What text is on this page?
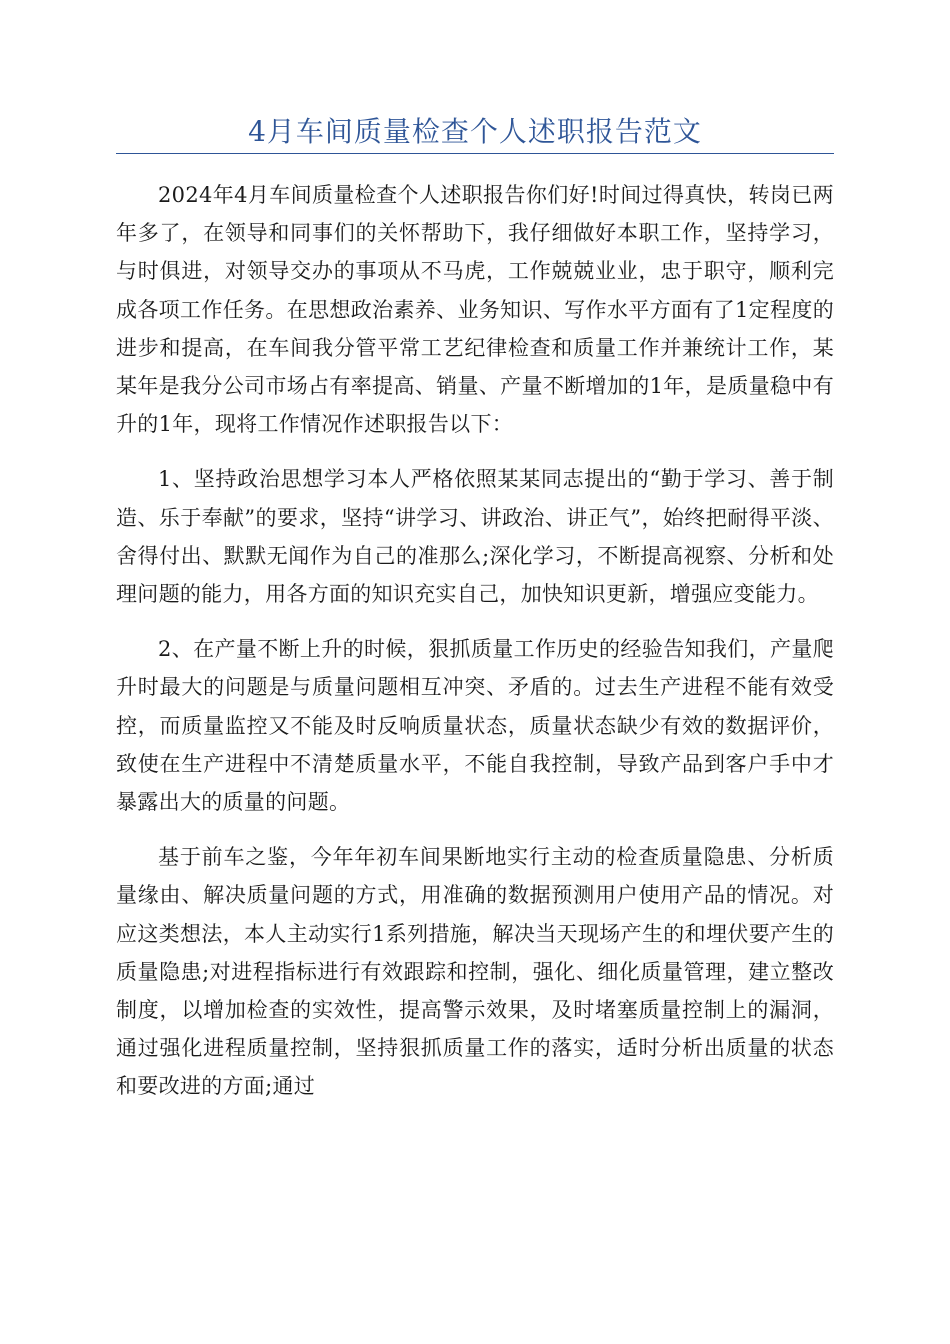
4月车间质量检查个人述职报告范文

2024年4月车间质量检查个人述职报告你们好!时间过得真快，转岗已两年多了，在领导和同事们的关怀帮助下，我仔细做好本职工作，坚持学习，与时俱进，对领导交办的事项从不马虎，工作兢兢业业，忠于职守，顺利完成各项工作任务。在思想政治素养、业务知识、写作水平方面有了1定程度的进步和提高，在车间我分管平常工艺纪律检查和质量工作并兼统计工作，某某年是我分公司市场占有率提高、销量、产量不断增加的1年，是质量稳中有升的1年，现将工作情况作述职报告以下：

1、坚持政治思想学习本人严格依照某某同志提出的“勤于学习、善于制造、乐于奉献”的要求，坚持“讲学习、讲政治、讲正气”，始终把耐得平淡、舍得付出、默默无闻作为自己的准那么;深化学习，不断提高视察、分析和处理问题的能力，用各方面的知识充实自己，加快知识更新，增强应变能力。

2、在产量不断上升的时候，狠抓质量工作历史的经验告知我们，产量爬升时最大的问题是与质量问题相互冲突、矛盾的。过去生产进程不能有效受控，而质量监控又不能及时反响质量状态，质量状态缺少有效的数据评价，致使在生产进程中不清楚质量水平，不能自我控制，导致产品到客户手中才暴露出大的质量的问题。

基于前车之鉴，今年年初车间果断地实行主动的检查质量隐患、分析质量缘由、解决质量问题的方式，用准确的数据预测用户使用产品的情况。对应这类想法，本人主动实行1系列措施，解决当天现场产生的和埋伏要产生的质量隐患;对进程指标进行有效跟踪和控制，强化、细化质量管理，建立整改制度，以增加检查的实效性，提高警示效果，及时堵塞质量控制上的漏洞，通过强化进程质量控制，坚持狠抓质量工作的落实，适时分析出质量的状态和要改进的方面;通过
